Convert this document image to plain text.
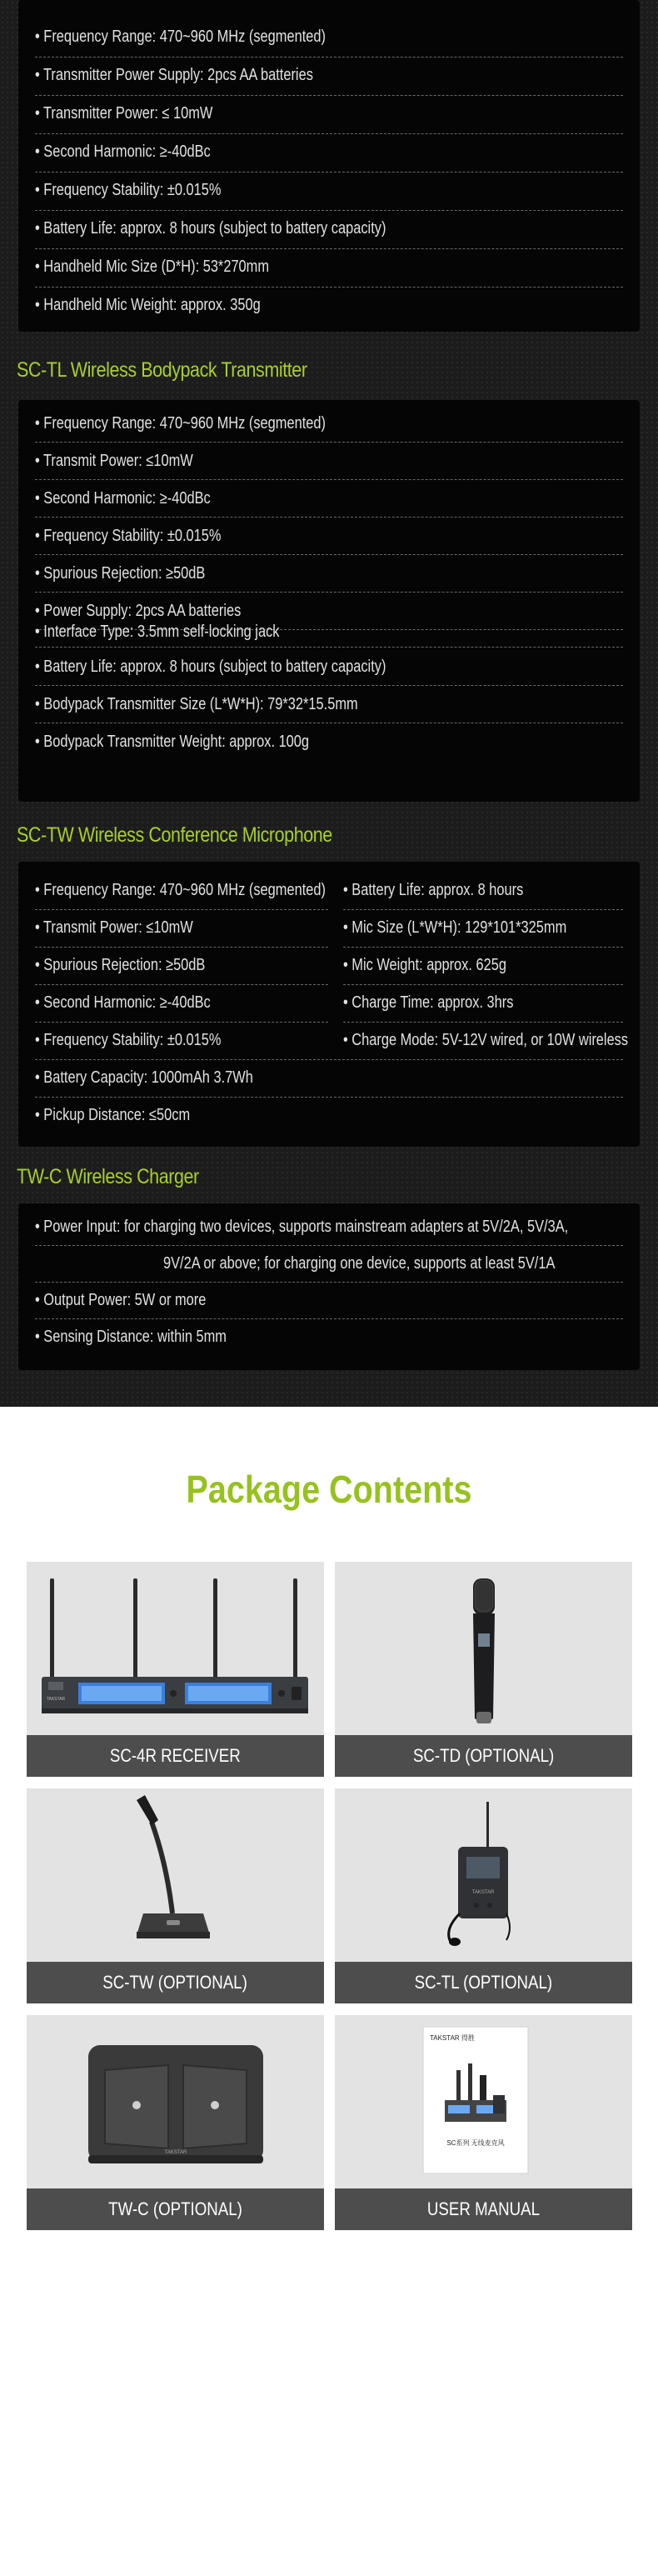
• Frequency Range: 470~960 MHz (segmented)
• Transmitter Power Supply: 2pcs AA batteries
• Transmitter Power: ≤ 10mW
• Second Harmonic: ≥-40dBc
• Frequency Stability: ±0.015%
• Battery Life: approx. 8 hours (subject to battery capacity)
• Handheld Mic Size (D*H): 53*270mm
• Handheld Mic Weight: approx. 350g
SC-TL Wireless Bodypack Transmitter
• Frequency Range: 470~960 MHz (segmented)
• Transmit Power: ≤10mW
• Second Harmonic: ≥-40dBc
• Frequency Stability: ±0.015%
• Spurious Rejection: ≥50dB
• Power Supply: 2pcs AA batteries
• Interface Type: 3.5mm self-locking jack
• Battery Life: approx. 8 hours (subject to battery capacity)
• Bodypack Transmitter Size (L*W*H): 79*32*15.5mm
• Bodypack Transmitter Weight: approx. 100g
SC-TW Wireless Conference Microphone
• Frequency Range: 470~960 MHz (segmented) • Battery Life: approx. 8 hours
• Transmit Power: ≤10mW	• Mic Size (L*W*H): 129*101*325mm
• Spurious Rejection: ≥50dB	• Mic Weight: approx. 625g
• Second Harmonic: ≥-40dBc	• Charge Time: approx. 3hrs
• Frequency Stability: ±0.015%	• Charge Mode: 5V-12V wired, or 10W wireless
• Battery Capacity: 1000mAh 3.7Wh
• Pickup Distance: ≤50cm
TW-C Wireless Charger
• Power Input: for charging two devices, supports mainstream adapters at 5V/2A, 5V/3A,
9V/2A or above; for charging one device, supports at least 5V/1A
• Output Power: 5W or more
• Sensing Distance: within 5mm
Package Contents
TAKSTAR
SC-4R RECEIVER	SC-TD (OPTIONAL)
SC-TW (OPTIONAL)
TAKSTAR
SC-TL (OPTIONAL)
TAKSTAR
TW-C (OPTIONAL)
TAKSTAR 得胜
SC系列 无线麦克风
USER MANUAL
